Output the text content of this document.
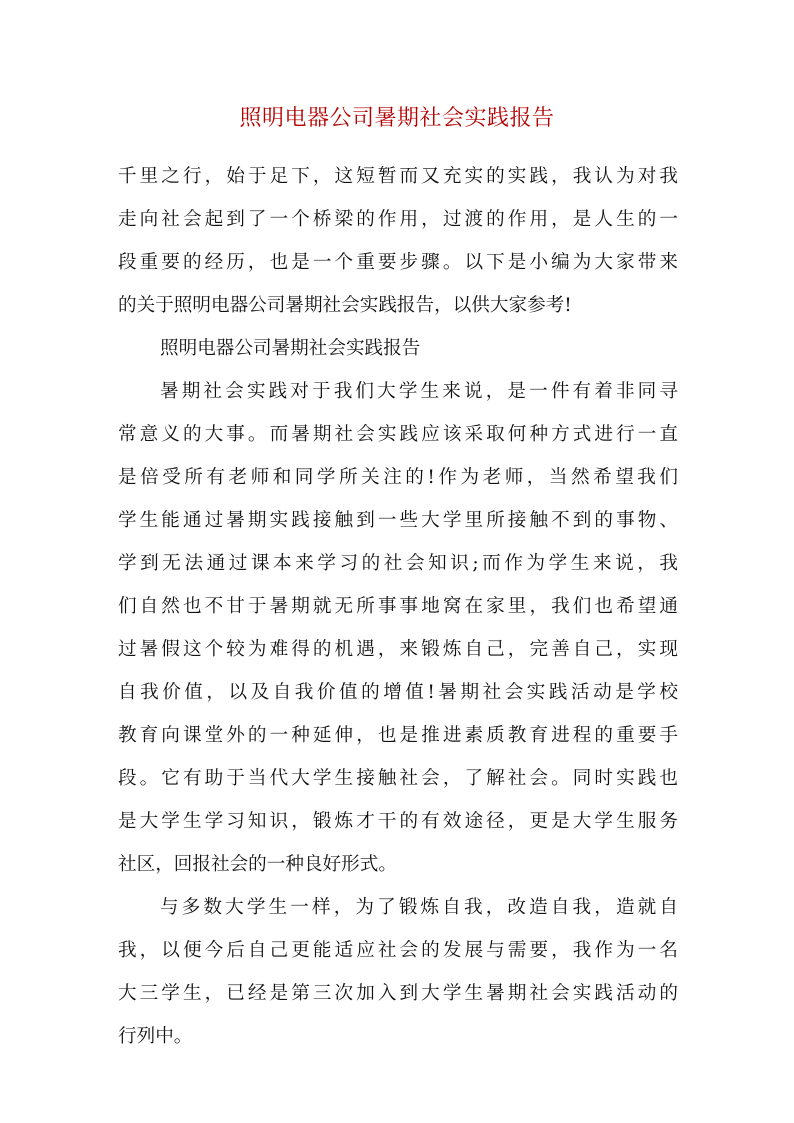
照明电器公司暑期社会实践报告

千里之行，始于足下，这短暂而又充实的实践，我认为对我

走向社会起到了一个桥梁的作用，过渡的作用，是人生的一

段重要的经历，也是一个重要步骤。以下是小编为大家带来

的关于照明电器公司暑期社会实践报告，以供大家参考!

照明电器公司暑期社会实践报告

暑期社会实践对于我们大学生来说，是一件有着非同寻

常意义的大事。而暑期社会实践应该采取何种方式进行一直

是倍受所有老师和同学所关注的!作为老师，当然希望我们

学生能通过暑期实践接触到一些大学里所接触不到的事物、

学到无法通过课本来学习的社会知识;而作为学生来说，我

们自然也不甘于暑期就无所事事地窝在家里，我们也希望通

过暑假这个较为难得的机遇，来锻炼自己，完善自己，实现

自我价值，以及自我价值的增值!暑期社会实践活动是学校

教育向课堂外的一种延伸，也是推进素质教育进程的重要手

段。它有助于当代大学生接触社会，了解社会。同时实践也

是大学生学习知识，锻炼才干的有效途径，更是大学生服务

社区，回报社会的一种良好形式。

与多数大学生一样，为了锻炼自我，改造自我，造就自

我，以便今后自己更能适应社会的发展与需要，我作为一名

大三学生，已经是第三次加入到大学生暑期社会实践活动的

行列中。
